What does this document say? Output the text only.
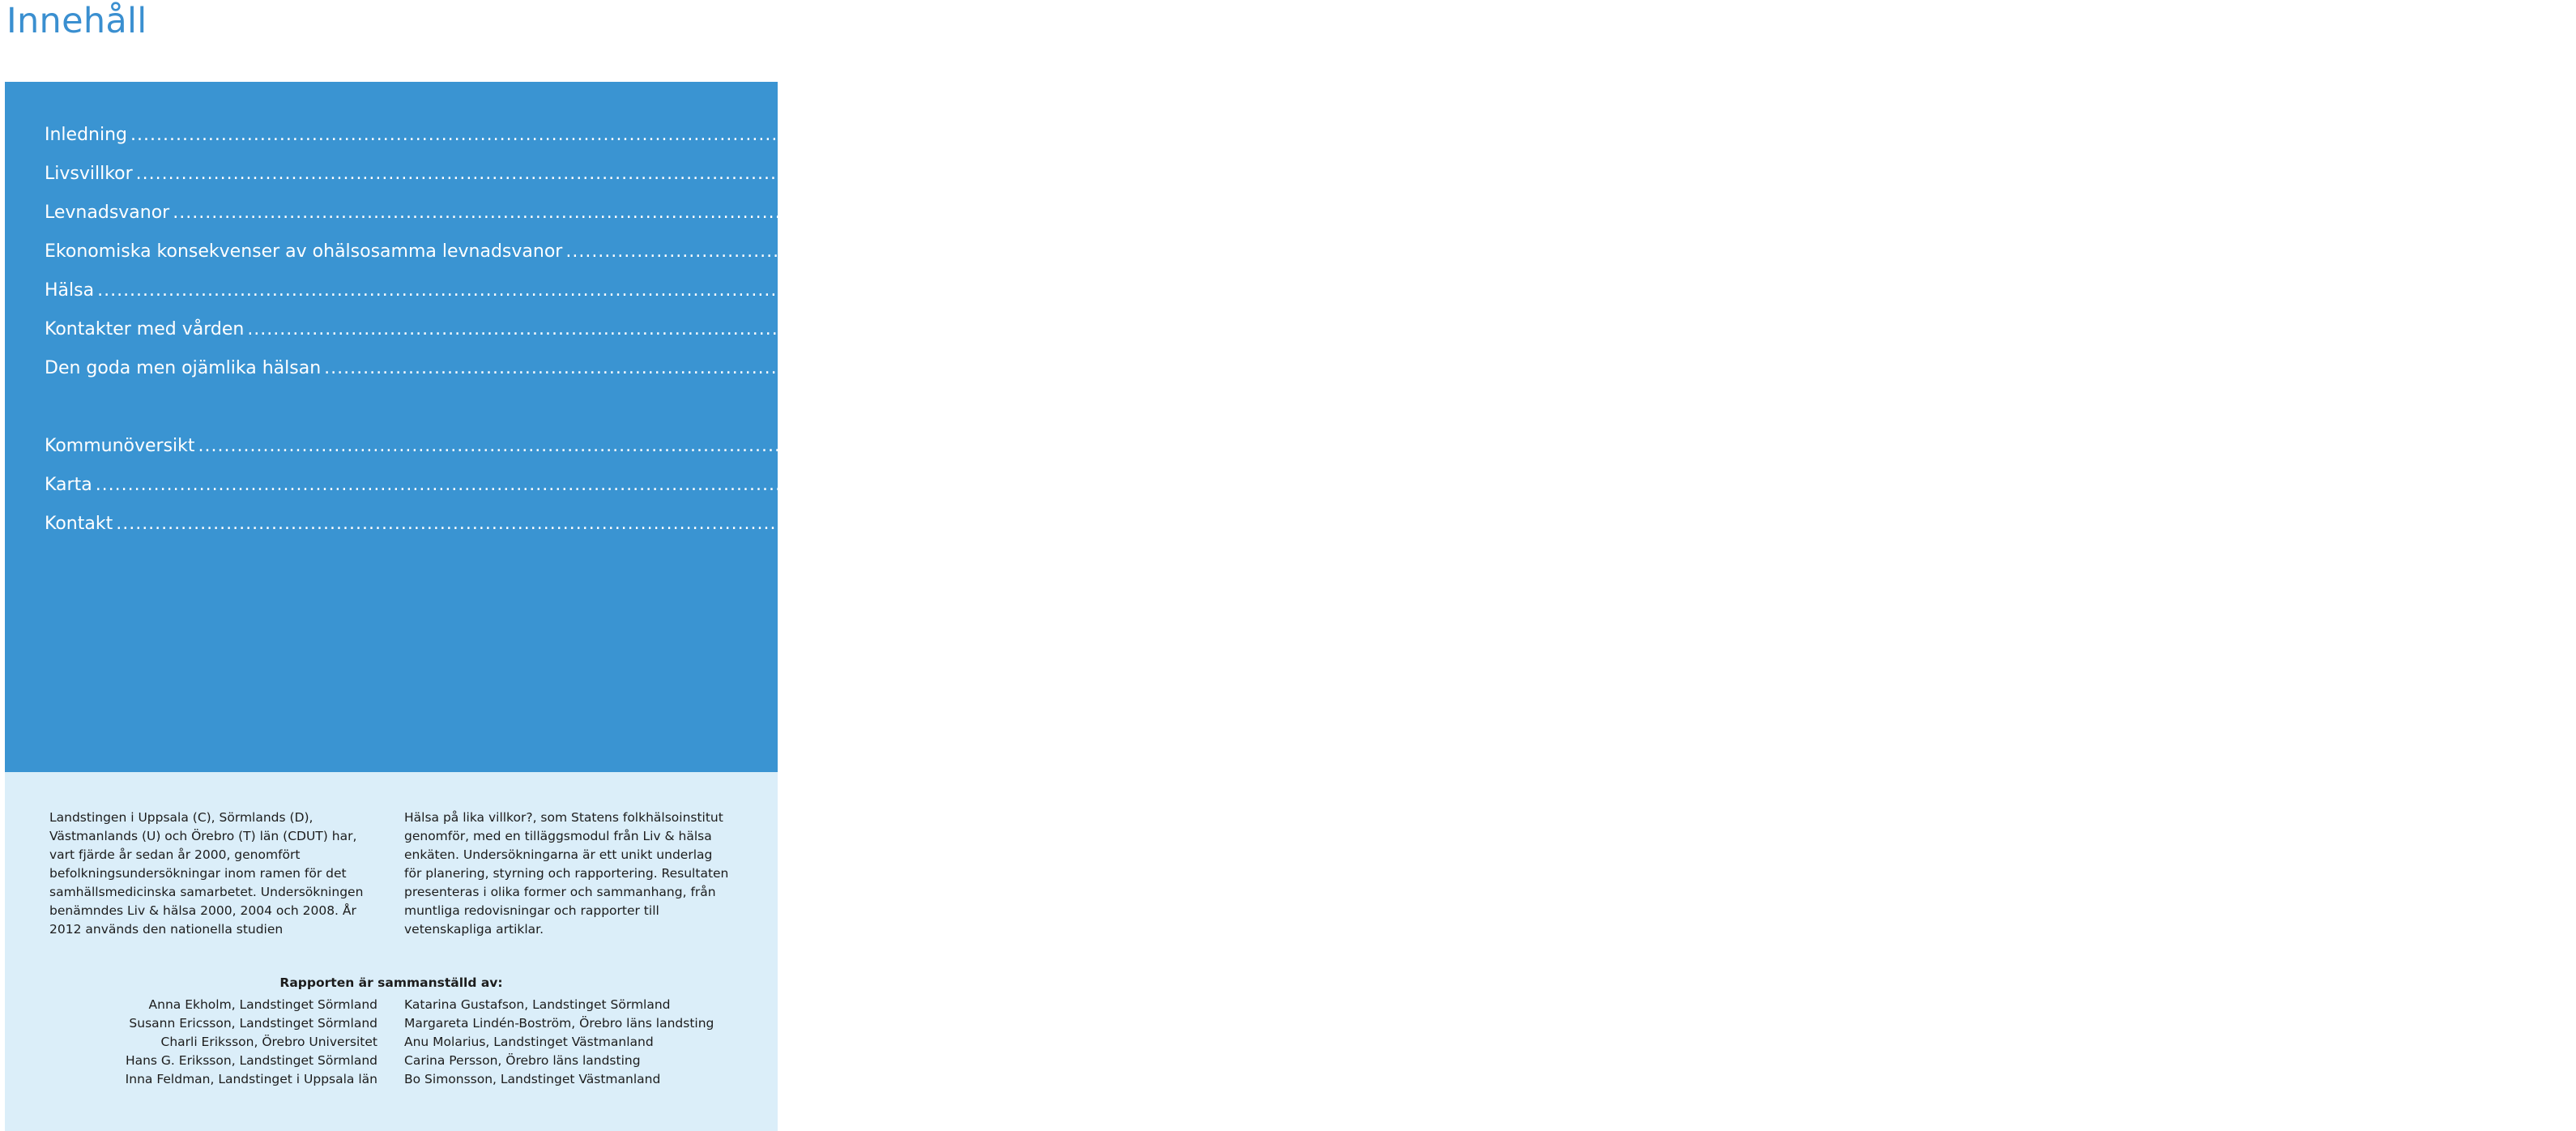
Innehåll
Inledning ............................................................................................................................................................................................................................................................................................................ sida 1
Livsvillkor ............................................................................................................................................................................................................................................................................................................ sida 3
Levnadsvanor ............................................................................................................................................................................................................................................................................................................ sida 7
Ekonomiska konsekvenser av ohälsosamma levnadsvanor ............................................................................................................................................................................................................................................................................................................ sida 13
Hälsa ............................................................................................................................................................................................................................................................................................................ sida 15
Kontakter med vården ............................................................................................................................................................................................................................................................................................................ sida 18
Den goda men ojämlika hälsan ............................................................................................................................................................................................................................................................................................................ sida 21
Kommunöversikt ............................................................................................................................................................................................................................................................................................................ omslagets insida
Karta ............................................................................................................................................................................................................................................................................................................ omslagets utvik
Kontakt ............................................................................................................................................................................................................................................................................................................ omslagets baksida

Landstingen i Uppsala (C), Sörmlands (D), Västmanlands (U) och Örebro (T) län (CDUT) har, vart fjärde år sedan år 2000, genomfört befolkningsundersökningar inom ramen för det samhällsmedicinska samarbetet. Undersökningen benämndes Liv & hälsa 2000, 2004 och 2008. År 2012 används den nationella studien

Hälsa på lika villkor?, som Statens folkhälsoinstitut genomför, med en tilläggsmodul från Liv & hälsa enkäten. Undersökningarna är ett unikt underlag för planering, styrning och rapportering. Resultaten presenteras i olika former och sammanhang, från muntliga redovisningar och rapporter till vetenskapliga artiklar.

Rapporten är sammanställd av:
Anna Ekholm, Landstinget Sörmland
Susann Ericsson, Landstinget Sörmland
Charli Eriksson, Örebro Universitet
Hans G. Eriksson, Landstinget Sörmland
Inna Feldman, Landstinget i Uppsala län
Katarina Gustafson, Landstinget Sörmland
Margareta Lindén-Boström, Örebro läns landsting
Anu Molarius, Landstinget Västmanland
Carina Persson, Örebro läns landsting
Bo Simonsson, Landstinget Västmanland
